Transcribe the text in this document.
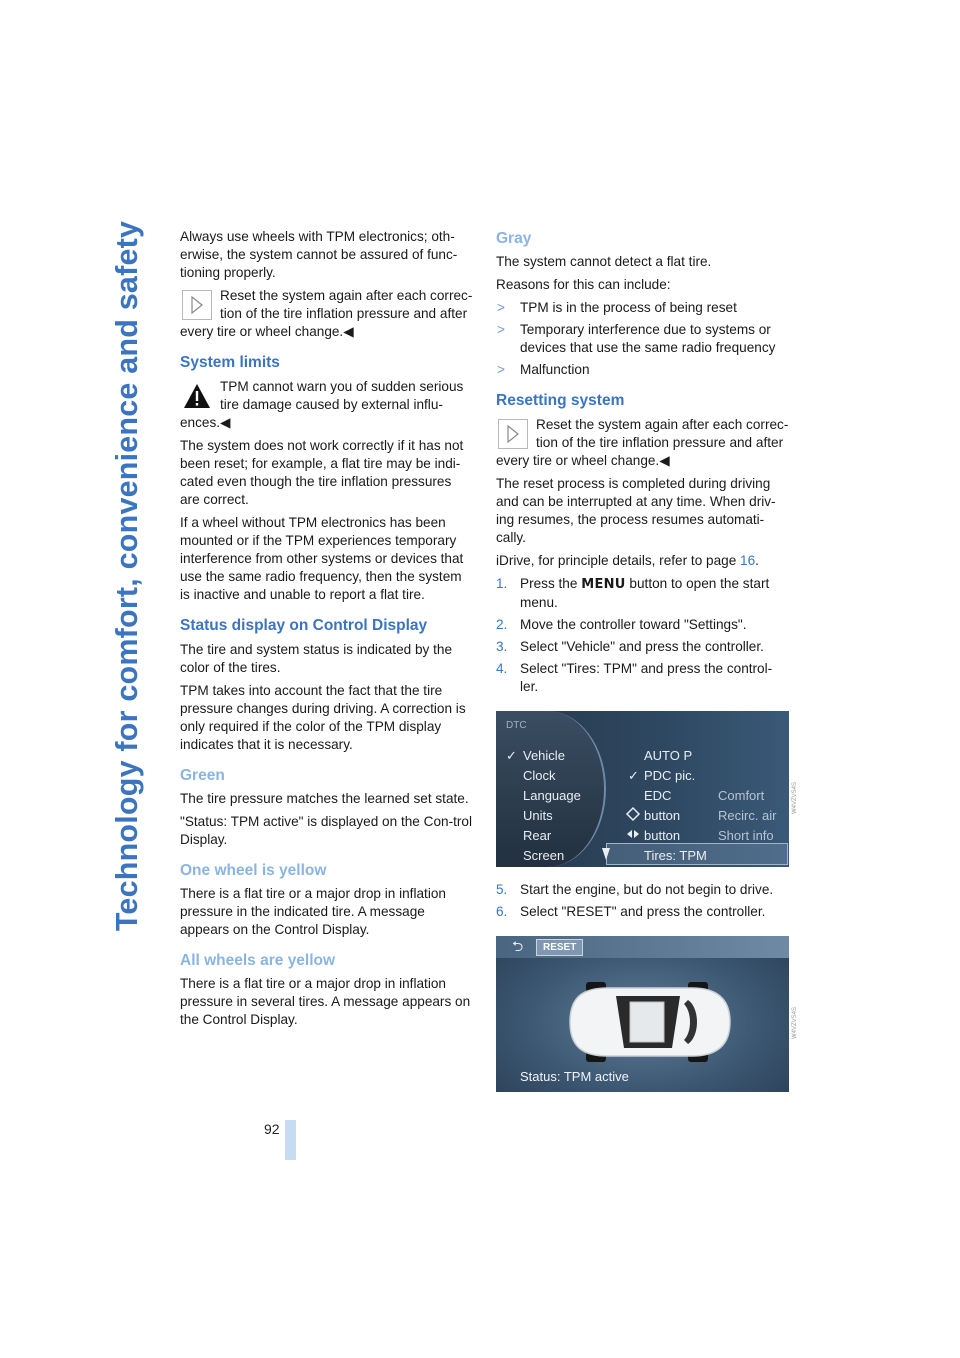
Technology for comfort, convenience and safety
92

Always use wheels with TPM electronics; oth-erwise, the system cannot be assured of func-tioning properly.

Reset the system again after each correc-tion of the tire inflation pressure and after every tire or wheel change.◀
System limits
TPM cannot warn you of sudden serious tire damage caused by external influ-ences.◀

The system does not work correctly if it has not been reset; for example, a flat tire may be indi-cated even though the tire inflation pressures are correct.

If a wheel without TPM electronics has been mounted or if the TPM experiences temporary interference from other systems or devices that use the same radio frequency, then the system is inactive and unable to report a flat tire.

Status display on Control Display

The tire and system status is indicated by the color of the tires.

TPM takes into account the fact that the tire pressure changes during driving. A correction is only required if the color of the TPM display indicates that it is necessary.

Green

The tire pressure matches the learned set state.

"Status: TPM active" is displayed on the Con-trol Display.

One wheel is yellow

There is a flat tire or a major drop in inflation pressure in the indicated tire. A message appears on the Control Display.

All wheels are yellow

There is a flat tire or a major drop in inflation pressure in several tires. A message appears on the Control Display.

Gray

The system cannot detect a flat tire.

Reasons for this can include:

> TPM is in the process of being reset
> Temporary interference due to systems or devices that use the same radio frequency
> Malfunction
Resetting system
Reset the system again after each correc-tion of the tire inflation pressure and after every tire or wheel change.◀

The reset process is completed during driving and can be interrupted at any time. When driv-ing resumes, the process resumes automati-cally.

iDrive, for principle details, refer to page 16.

1. Press the MENU button to open the start menu.
2. Move the controller toward "Settings".
3. Select "Vehicle" and press the controller.
4. Select "Tires: TPM" and press the control-ler.
DTC
✓ Vehicle
Clock
Language
Units
Rear
Screen
AUTO P
✓ PDC pic.
EDC
button
button
Comfort
Recirc. air
Short info
Tires: TPM
W4VZVS4S
5. Start the engine, but do not begin to drive.
6. Select "RESET" and press the controller.
⮌	RESET
Status: TPM active
W4VZVS4S
